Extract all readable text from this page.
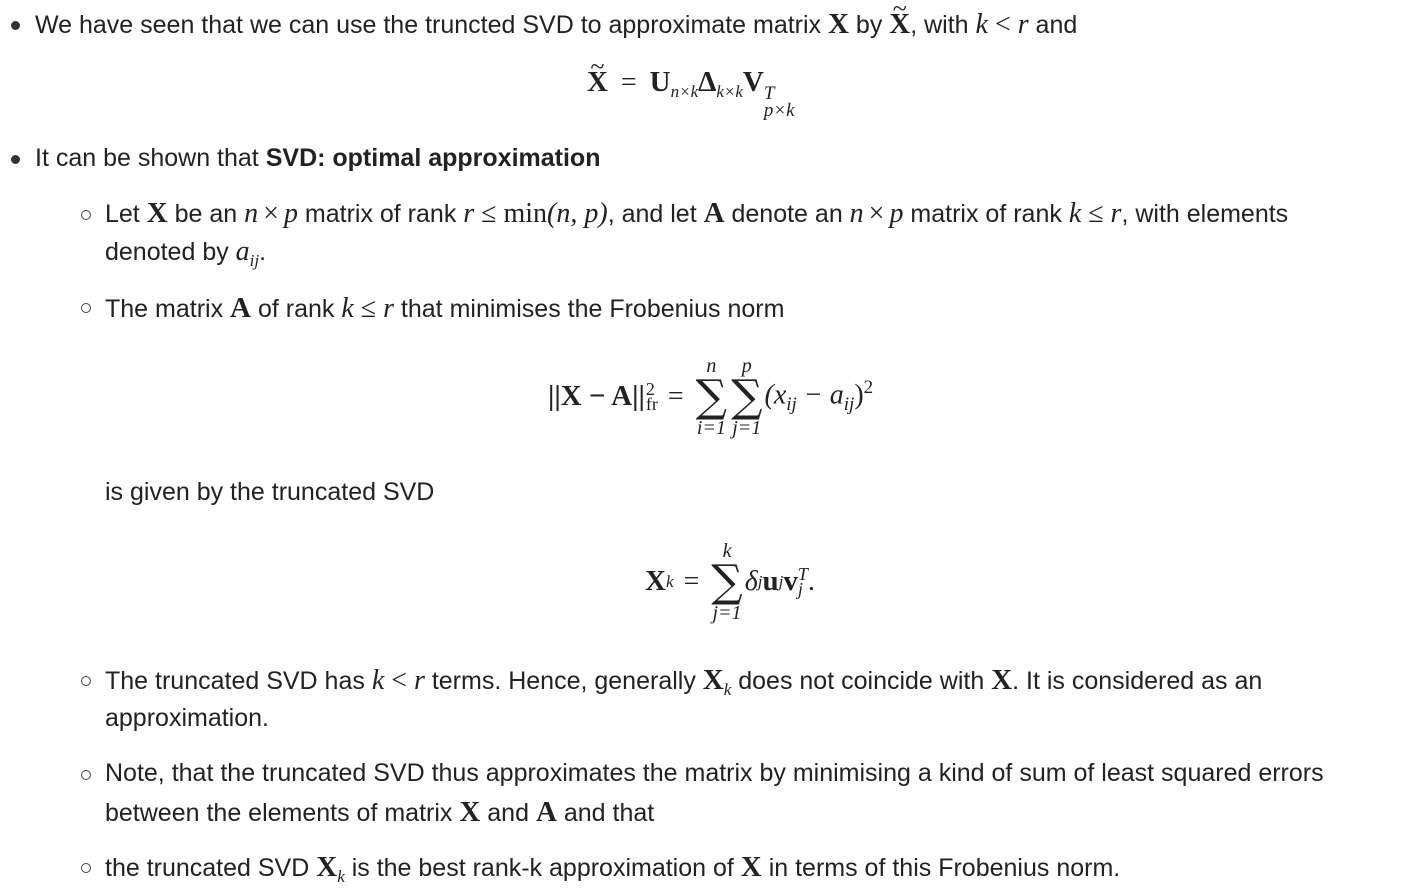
We have seen that we can use the truncted SVD to approximate matrix X by ~ X, with k < r and
~ $X = U_{n\times k}\Delta_{k\times k}V$ T
p×k
It can be shown that SVD: optimal approximation
Let X be an n × p matrix of rank r ≤ min(n, p), and let A denote an n × p matrix of rank k ≤ r, with elements
denoted by $a_{ij}$.
The matrix A of rank k ≤ r that minimises the Frobenius norm
||X − A|| 2
fr =
n
∑
i=1
p
∑
j=1
$(x_{ij} - a_{ij})^2$
is given by the truncated SVD
X k =
k
∑
j=1
δ j u j v T
j .
The truncated SVD has k < r terms. Hence, generally $X_k$ does not coincide with X. It is considered as an
approximation.
Note, that the truncated SVD thus approximates the matrix by minimising a kind of sum of least squared errors
between the elements of matrix X and A and that
the truncated SVD $X_k$ is the best rank-k approximation of X in terms of this Frobenius norm.
